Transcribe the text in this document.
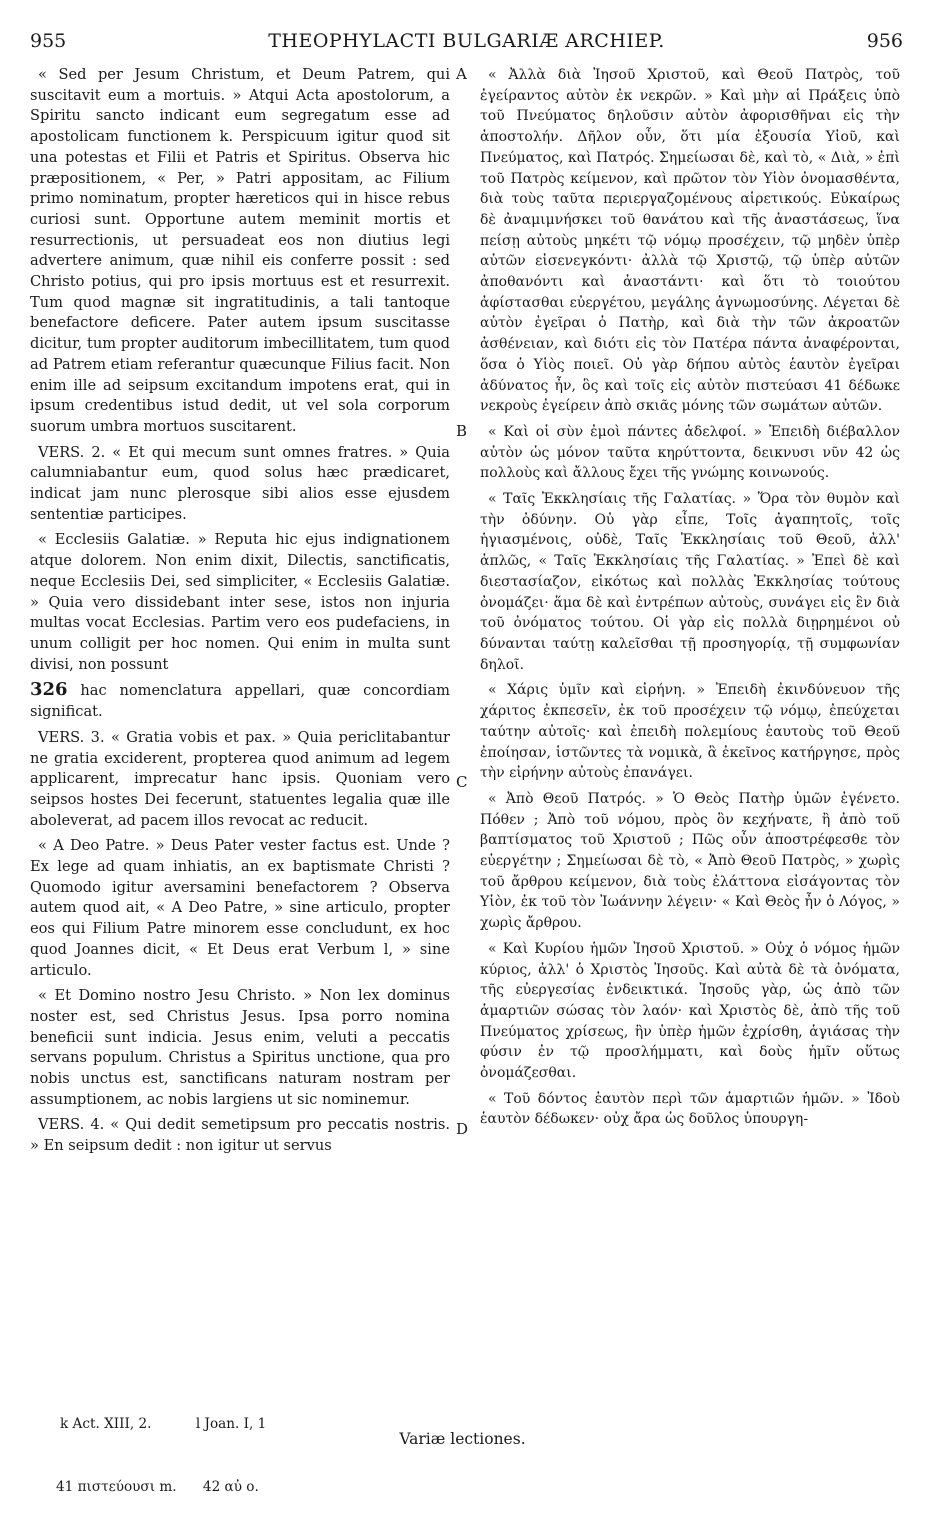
955	THEOPHYLACTI BULGARIÆ ARCHIEP.	956

« Sed per Jesum Christum, et Deum Patrem, qui suscitavit eum a mortuis. » Atqui Acta apostolorum, a Spiritu sancto indicant eum segregatum esse ad apostolicam functionem k. Perspicuum igitur quod sit una potestas et Filii et Patris et Spiritus. Observa hic præpositionem, « Per, » Patri appositam, ac Filium primo nominatum, propter hæreticos qui in hisce rebus curiosi sunt. Opportune autem meminit mortis et resurrectionis, ut persuadeat eos non diutius legi advertere animum, quæ nihil eis conferre possit : sed Christo potius, qui pro ipsis mortuus est et resurrexit. Tum quod magnæ sit ingratitudinis, a tali tantoque benefactore deficere. Pater autem ipsum suscitasse dicitur, tum propter auditorum imbecillitatem, tum quod ad Patrem etiam referantur quæcunque Filius facit. Non enim ille ad seipsum excitandum impotens erat, qui in ipsum credentibus istud dedit, ut vel sola corporum suorum umbra mortuos suscitarent.

VERS. 2. « Et qui mecum sunt omnes fratres. » Quia calumniabantur eum, quod solus hæc prædicaret, indicat jam nunc plerosque sibi alios esse ejusdem sententiæ participes.

« Ecclesiis Galatiæ. » Reputa hic ejus indignationem atque dolorem. Non enim dixit, Dilectis, sanctificatis, neque Ecclesiis Dei, sed simpliciter, « Ecclesiis Galatiæ. » Quia vero dissidebant inter sese, istos non injuria multas vocat Ecclesias. Partim vero eos pudefaciens, in unum colligit per hoc nomen. Qui enim in multa sunt divisi, non possunt

326 hac nomenclatura appellari, quæ concordiam significat.

VERS. 3. « Gratia vobis et pax. » Quia periclitabantur ne gratia exciderent, propterea quod animum ad legem applicarent, imprecatur hanc ipsis. Quoniam vero seipsos hostes Dei fecerunt, statuentes legalia quæ ille aboleverat, ad pacem illos revocat ac reducit.

« A Deo Patre. » Deus Pater vester factus est. Unde ? Ex lege ad quam inhiatis, an ex baptismate Christi ? Quomodo igitur aversamini benefactorem ? Observa autem quod ait, « A Deo Patre, » sine articulo, propter eos qui Filium Patre minorem esse concludunt, ex hoc quod Joannes dicit, « Et Deus erat Verbum l, » sine articulo.

« Et Domino nostro Jesu Christo. » Non lex dominus noster est, sed Christus Jesus. Ipsa porro nomina beneficii sunt indicia. Jesus enim, veluti a peccatis servans populum. Christus a Spiritus unctione, qua pro nobis unctus est, sanctificans naturam nostram per assumptionem, ac nobis largiens ut sic nominemur.

VERS. 4. « Qui dedit semetipsum pro peccatis nostris. » En seipsum dedit : non igitur ut servus

A
B
C
D

« Ἀλλὰ διὰ Ἰησοῦ Χριστοῦ, καὶ Θεοῦ Πατρὸς, τοῦ ἐγείραντος αὐτὸν ἐκ νεκρῶν. » Καὶ μὴν αἱ Πράξεις ὑπὸ τοῦ Πνεύματος δηλοῦσιν αὐτὸν ἀφορισθῆναι εἰς τὴν ἀποστολήν. Δῆλον οὖν, ὅτι μία ἐξουσία Υἱοῦ, καὶ Πνεύματος, καὶ Πατρός. Σημείωσαι δὲ, καὶ τὸ, « Διὰ, » ἐπὶ τοῦ Πατρὸς κείμενον, καὶ πρῶτον τὸν Υἱὸν ὀνομασθέντα, διὰ τοὺς ταῦτα περιεργαζομένους αἱρετικούς. Εὐκαίρως δὲ ἀναμιμνήσκει τοῦ θανάτου καὶ τῆς ἀναστάσεως, ἵνα πείσῃ αὐτοὺς μηκέτι τῷ νόμῳ προσέχειν, τῷ μηδὲν ὑπὲρ αὐτῶν εἰσενεγκόντι· ἀλλὰ τῷ Χριστῷ, τῷ ὑπὲρ αὐτῶν ἀποθανόντι καὶ ἀναστάντι· καὶ ὅτι τὸ τοιούτου ἀφίστασθαι εὐεργέτου, μεγάλης ἀγνωμοσύνης. Λέγεται δὲ αὐτὸν ἐγεῖραι ὁ Πατὴρ, καὶ διὰ τὴν τῶν ἀκροατῶν ἀσθένειαν, καὶ διότι εἰς τὸν Πατέρα πάντα ἀναφέρονται, ὅσα ὁ Υἱὸς ποιεῖ. Οὐ γὰρ δήπου αὐτὸς ἑαυτὸν ἐγεῖραι ἀδύνατος ἦν, ὃς καὶ τοῖς εἰς αὐτὸν πιστεύασι 41 δέδωκε νεκροὺς ἐγείρειν ἀπὸ σκιᾶς μόνης τῶν σωμάτων αὐτῶν.

« Καὶ οἱ σὺν ἐμοὶ πάντες ἀδελφοί. » Ἐπειδὴ διέβαλλον αὐτὸν ὡς μόνον ταῦτα κηρύττοντα, δεικνυσι νῦν 42 ὡς πολλοὺς καὶ ἄλλους ἔχει τῆς γνώμης κοινωνούς.

« Ταῖς Ἐκκλησίαις τῆς Γαλατίας. » Ὅρα τὸν θυμὸν καὶ τὴν ὀδύνην. Οὐ γὰρ εἶπε, Τοῖς ἀγαπητοῖς, τοῖς ἡγιασμένοις, οὐδὲ, Ταῖς Ἐκκλησίαις τοῦ Θεοῦ, ἀλλ' ἁπλῶς, « Ταῖς Ἐκκλησίαις τῆς Γαλατίας. » Ἐπεὶ δὲ καὶ διεστασίαζον, εἰκότως καὶ πολλὰς Ἐκκλησίας τούτους ὀνομάζει· ἅμα δὲ καὶ ἐντρέπων αὐτοὺς, συνάγει εἰς ἓν διὰ τοῦ ὀνόματος τούτου. Οἱ γὰρ εἰς πολλὰ διῃρημένοι οὐ δύνανται ταύτῃ καλεῖσθαι τῇ προσηγορίᾳ, τῇ συμφωνίαν δηλοῖ.

« Χάρις ὑμῖν καὶ εἰρήνη. » Ἐπειδὴ ἐκινδύνευον τῆς χάριτος ἐκπεσεῖν, ἐκ τοῦ προσέχειν τῷ νόμῳ, ἐπεύχεται ταύτην αὐτοῖς· καὶ ἐπειδὴ πολεμίους ἑαυτοὺς τοῦ Θεοῦ ἐποίησαν, ἱστῶντες τὰ νομικὰ, ἃ ἐκεῖνος κατήργησε, πρὸς τὴν εἰρήνην αὐτοὺς ἐπανάγει.

« Ἀπὸ Θεοῦ Πατρός. » Ὁ Θεὸς Πατὴρ ὑμῶν ἐγένετο. Πόθεν ; Ἀπὸ τοῦ νόμου, πρὸς ὃν κεχήνατε, ἢ ἀπὸ τοῦ βαπτίσματος τοῦ Χριστοῦ ; Πῶς οὖν ἀποστρέφεσθε τὸν εὐεργέτην ; Σημείωσαι δὲ τὸ, « Ἀπὸ Θεοῦ Πατρὸς, » χωρὶς τοῦ ἄρθρου κείμενον, διὰ τοὺς ἐλάττονα εἰσάγοντας τὸν Υἱὸν, ἐκ τοῦ τὸν Ἰωάννην λέγειν· « Καὶ Θεὸς ἦν ὁ Λόγος, » χωρὶς ἄρθρου.

« Καὶ Κυρίου ἡμῶν Ἰησοῦ Χριστοῦ. » Οὐχ ὁ νόμος ἡμῶν κύριος, ἀλλ' ὁ Χριστὸς Ἰησοῦς. Καὶ αὐτὰ δὲ τὰ ὀνόματα, τῆς εὐεργεσίας ἐνδεικτικά. Ἰησοῦς γὰρ, ὡς ἀπὸ τῶν ἁμαρτιῶν σώσας τὸν λαόν· καὶ Χριστὸς δὲ, ἀπὸ τῆς τοῦ Πνεύματος χρίσεως, ἣν ὑπὲρ ἡμῶν ἐχρίσθη, ἁγιάσας τὴν φύσιν ἐν τῷ προσλήμματι, καὶ δοὺς ἡμῖν οὕτως ὀνομάζεσθαι.

« Τοῦ δόντος ἑαυτὸν περὶ τῶν ἁμαρτιῶν ἡμῶν. » Ἰδοὺ ἑαυτὸν δέδωκεν· οὐχ ἄρα ὡς δοῦλος ὑπουργη-

k Act. XIII, 2.	l Joan. I, 1
Variæ lectiones.
41 πιστεύουσι m. 42 αὐ ο.
